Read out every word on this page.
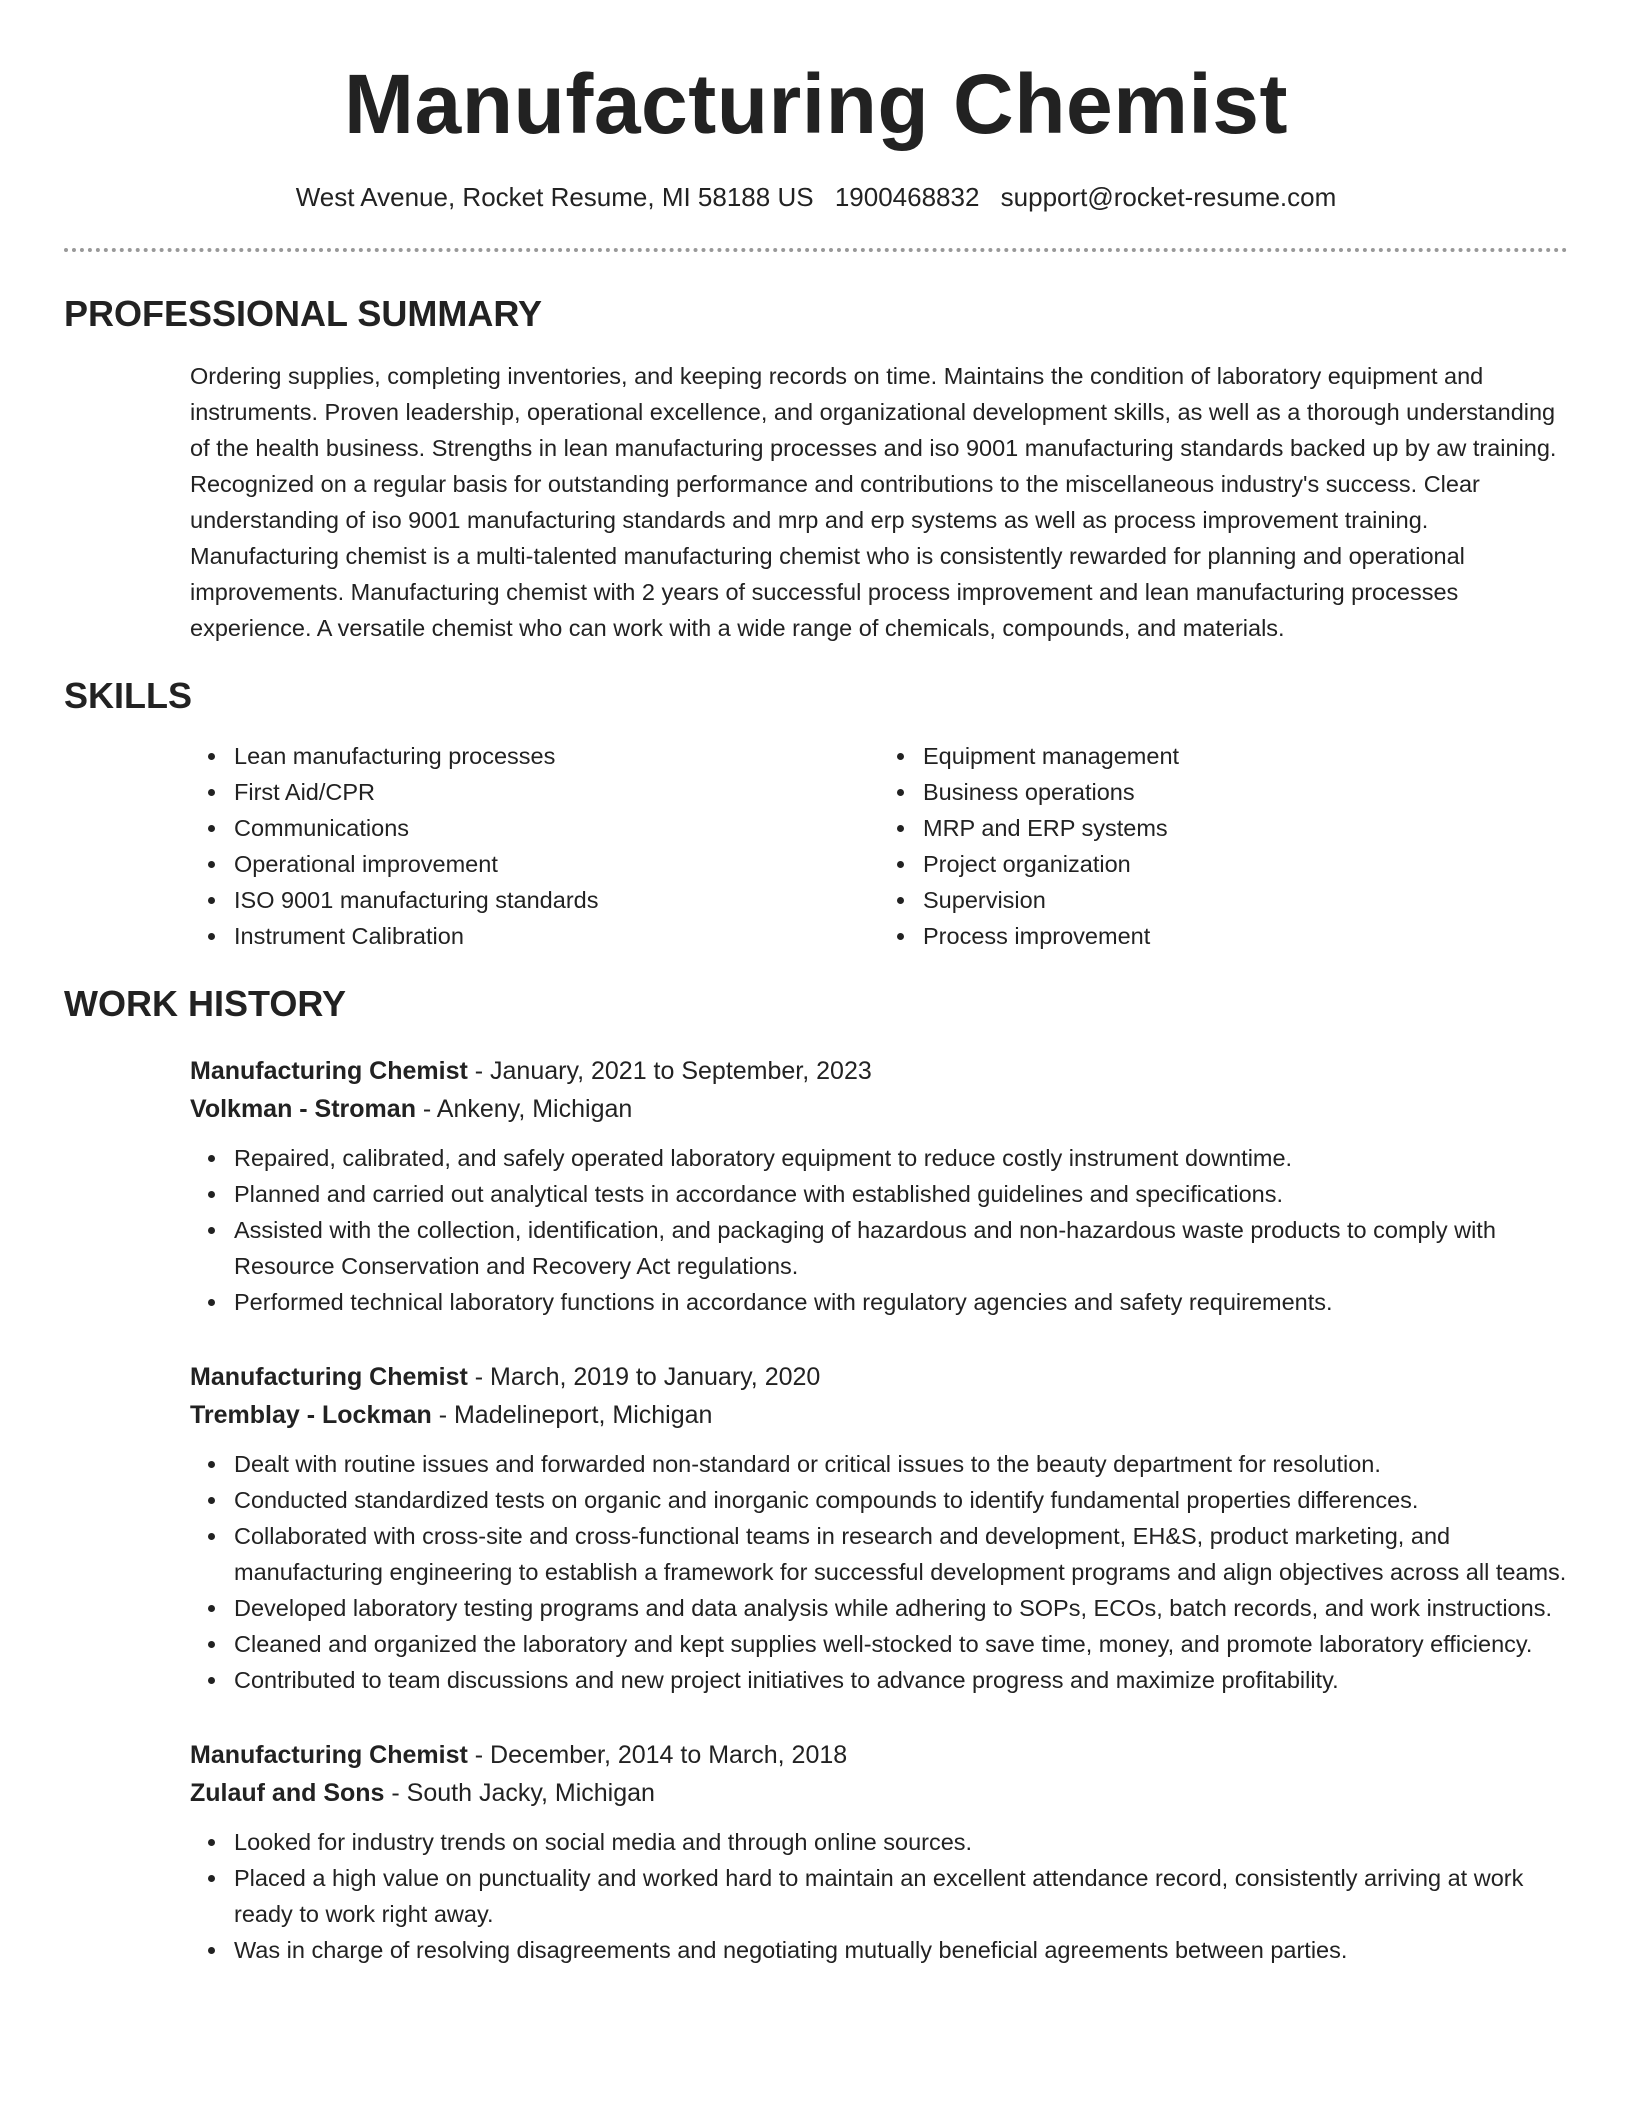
Manufacturing Chemist
West Avenue, Rocket Resume, MI 58188 US 1900468832 support@rocket-resume.com
PROFESSIONAL SUMMARY

Ordering supplies, completing inventories, and keeping records on time. Maintains the condition of laboratory equipment and instruments. Proven leadership, operational excellence, and organizational development skills, as well as a thorough understanding of the health business. Strengths in lean manufacturing processes and iso 9001 manufacturing standards backed up by aw training. Recognized on a regular basis for outstanding performance and contributions to the miscellaneous industry's success. Clear understanding of iso 9001 manufacturing standards and mrp and erp systems as well as process improvement training. Manufacturing chemist is a multi-talented manufacturing chemist who is consistently rewarded for planning and operational improvements. Manufacturing chemist with 2 years of successful process improvement and lean manufacturing processes experience. A versatile chemist who can work with a wide range of chemicals, compounds, and materials.

SKILLS
Lean manufacturing processes
First Aid/CPR
Communications
Operational improvement
ISO 9001 manufacturing standards
Instrument Calibration
Equipment management
Business operations
MRP and ERP systems
Project organization
Supervision
Process improvement
WORK HISTORY

Manufacturing Chemist - January, 2021 to September, 2023

Volkman - Stroman - Ankeny, Michigan

Repaired, calibrated, and safely operated laboratory equipment to reduce costly instrument downtime.
Planned and carried out analytical tests in accordance with established guidelines and specifications.
Assisted with the collection, identification, and packaging of hazardous and non-hazardous waste products to comply with Resource Conservation and Recovery Act regulations.
Performed technical laboratory functions in accordance with regulatory agencies and safety requirements.

Manufacturing Chemist - March, 2019 to January, 2020

Tremblay - Lockman - Madelineport, Michigan

Dealt with routine issues and forwarded non-standard or critical issues to the beauty department for resolution.
Conducted standardized tests on organic and inorganic compounds to identify fundamental properties differences.
Collaborated with cross-site and cross-functional teams in research and development, EH&S, product marketing, and manufacturing engineering to establish a framework for successful development programs and align objectives across all teams.
Developed laboratory testing programs and data analysis while adhering to SOPs, ECOs, batch records, and work instructions.
Cleaned and organized the laboratory and kept supplies well-stocked to save time, money, and promote laboratory efficiency.
Contributed to team discussions and new project initiatives to advance progress and maximize profitability.

Manufacturing Chemist - December, 2014 to March, 2018

Zulauf and Sons - South Jacky, Michigan

Looked for industry trends on social media and through online sources.
Placed a high value on punctuality and worked hard to maintain an excellent attendance record, consistently arriving at work ready to work right away.
Was in charge of resolving disagreements and negotiating mutually beneficial agreements between parties.
